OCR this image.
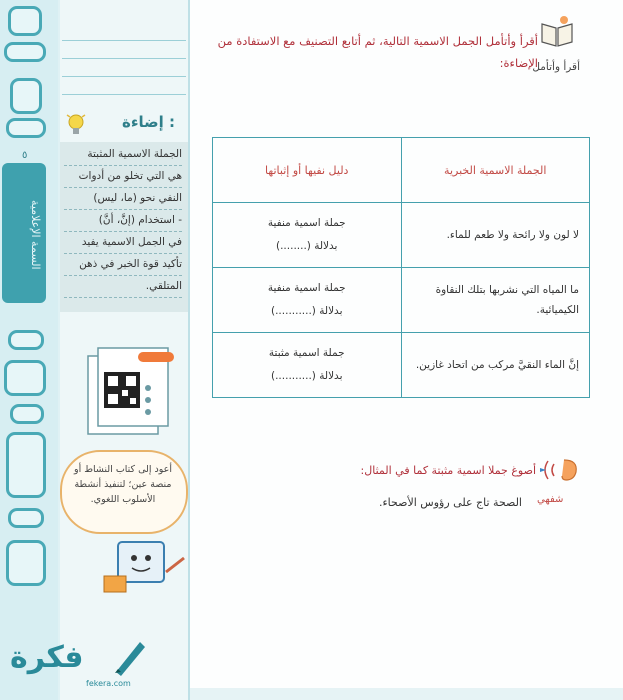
٥
السمة الإعلامية
إضاءة :
الجملة الاسمية المثبتة
هي التي تخلو من أدوات
النفي نحو (ما، ليس)
- استخدام (إنَّ، أنَّ)
في الجمل الاسمية يفيد
تأكيد قوة الخبر في ذهن
المتلقي.
أعود إلى كتاب النشاط أو منصة عين؛ لتنفيذ أنشطة الأسلوب اللغوي.
فكرة
fekera.com
أقرأ وأتأمل الجمل الاسمية التالية، ثم أتابع التصنيف مع الاستفادة من الإضاءة:
أقرأ وأتأمل
الجملة الاسمية الخبرية	دليل نفيها أو إثباتها
لا لون ولا رائحة ولا طعم للماء.	جملة اسمية منفية
بدلالة (........)

ما المياه التي نشربها بتلك النقاوة الكيميائية.	جملة اسمية منفية
بدلالة (...........)

إنَّ الماء النقيَّ مركب من اتحاد غازين.	جملة اسمية مثبتة
بدلالة (...........)
شفهي
أصوغ جملا اسمية مثبتة كما في المثال:
الصحة تاج على رؤوس الأصحاء.
